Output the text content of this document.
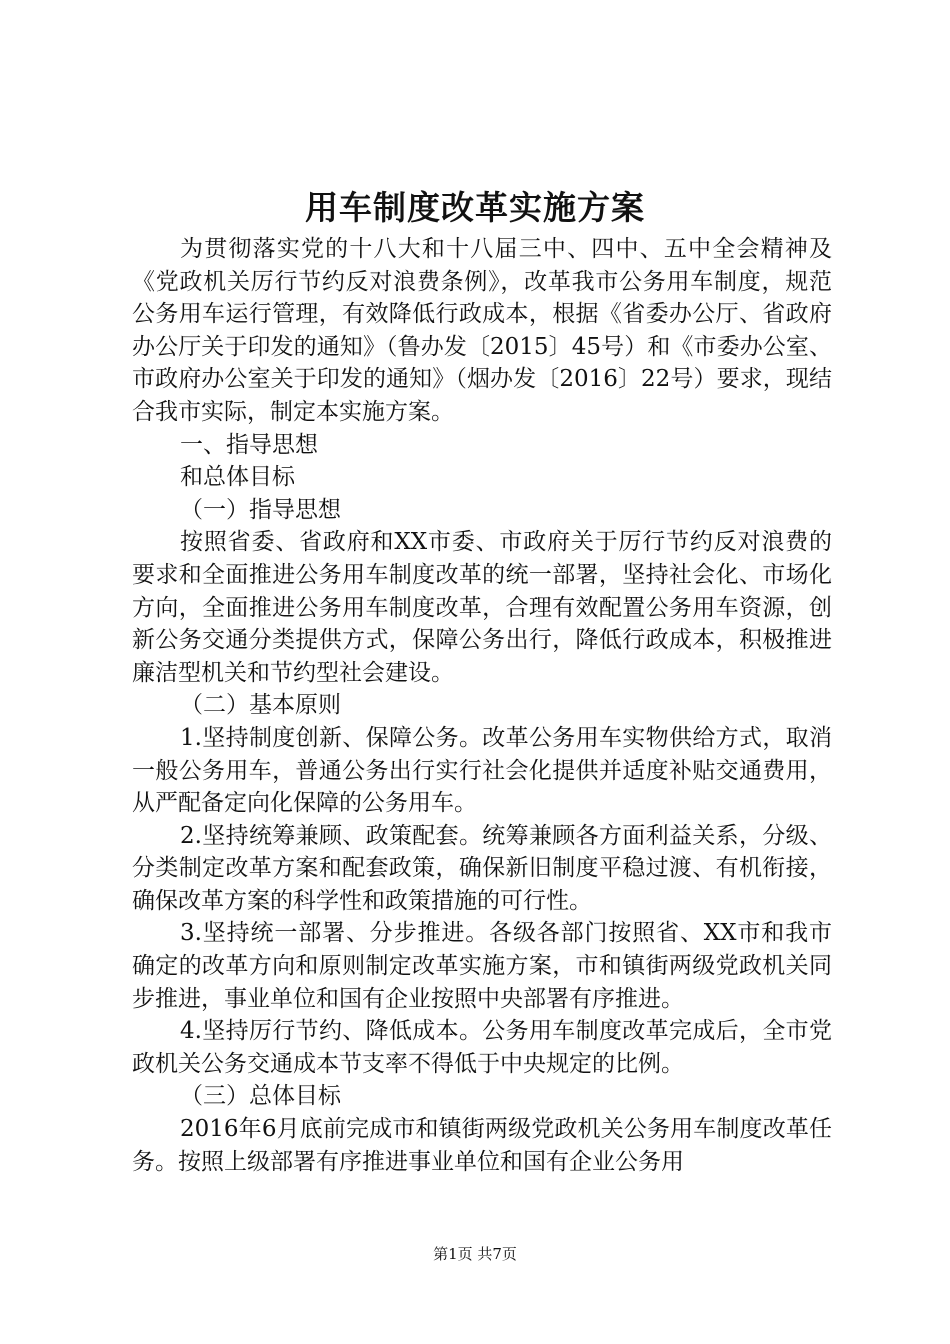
用车制度改革实施方案

为贯彻落实党的十八大和十八届三中、四中、五中全会精神及《党政机关厉行节约反对浪费条例》，改革我市公务用车制度，规范公务用车运行管理，有效降低行政成本，根据《省委办公厅、省政府办公厅关于印发的通知》（鲁办发〔2015〕45号）和《市委办公室、市政府办公室关于印发的通知》（烟办发〔2016〕22号）要求，现结合我市实际，制定本实施方案。

一、指导思想

和总体目标

（一）指导思想

按照省委、省政府和XX市委、市政府关于厉行节约反对浪费的要求和全面推进公务用车制度改革的统一部署，坚持社会化、市场化方向，全面推进公务用车制度改革，合理有效配置公务用车资源，创新公务交通分类提供方式，保障公务出行，降低行政成本，积极推进廉洁型机关和节约型社会建设。

（二）基本原则

1.坚持制度创新、保障公务。改革公务用车实物供给方式，取消一般公务用车，普通公务出行实行社会化提供并适度补贴交通费用，从严配备定向化保障的公务用车。

2.坚持统筹兼顾、政策配套。统筹兼顾各方面利益关系，分级、分类制定改革方案和配套政策，确保新旧制度平稳过渡、有机衔接，确保改革方案的科学性和政策措施的可行性。

3.坚持统一部署、分步推进。各级各部门按照省、XX市和我市确定的改革方向和原则制定改革实施方案，市和镇街两级党政机关同步推进，事业单位和国有企业按照中央部署有序推进。

4.坚持厉行节约、降低成本。公务用车制度改革完成后，全市党政机关公务交通成本节支率不得低于中央规定的比例。

（三）总体目标

2016年6月底前完成市和镇街两级党政机关公务用车制度改革任务。按照上级部署有序推进事业单位和国有企业公务用

第1页 共7页
